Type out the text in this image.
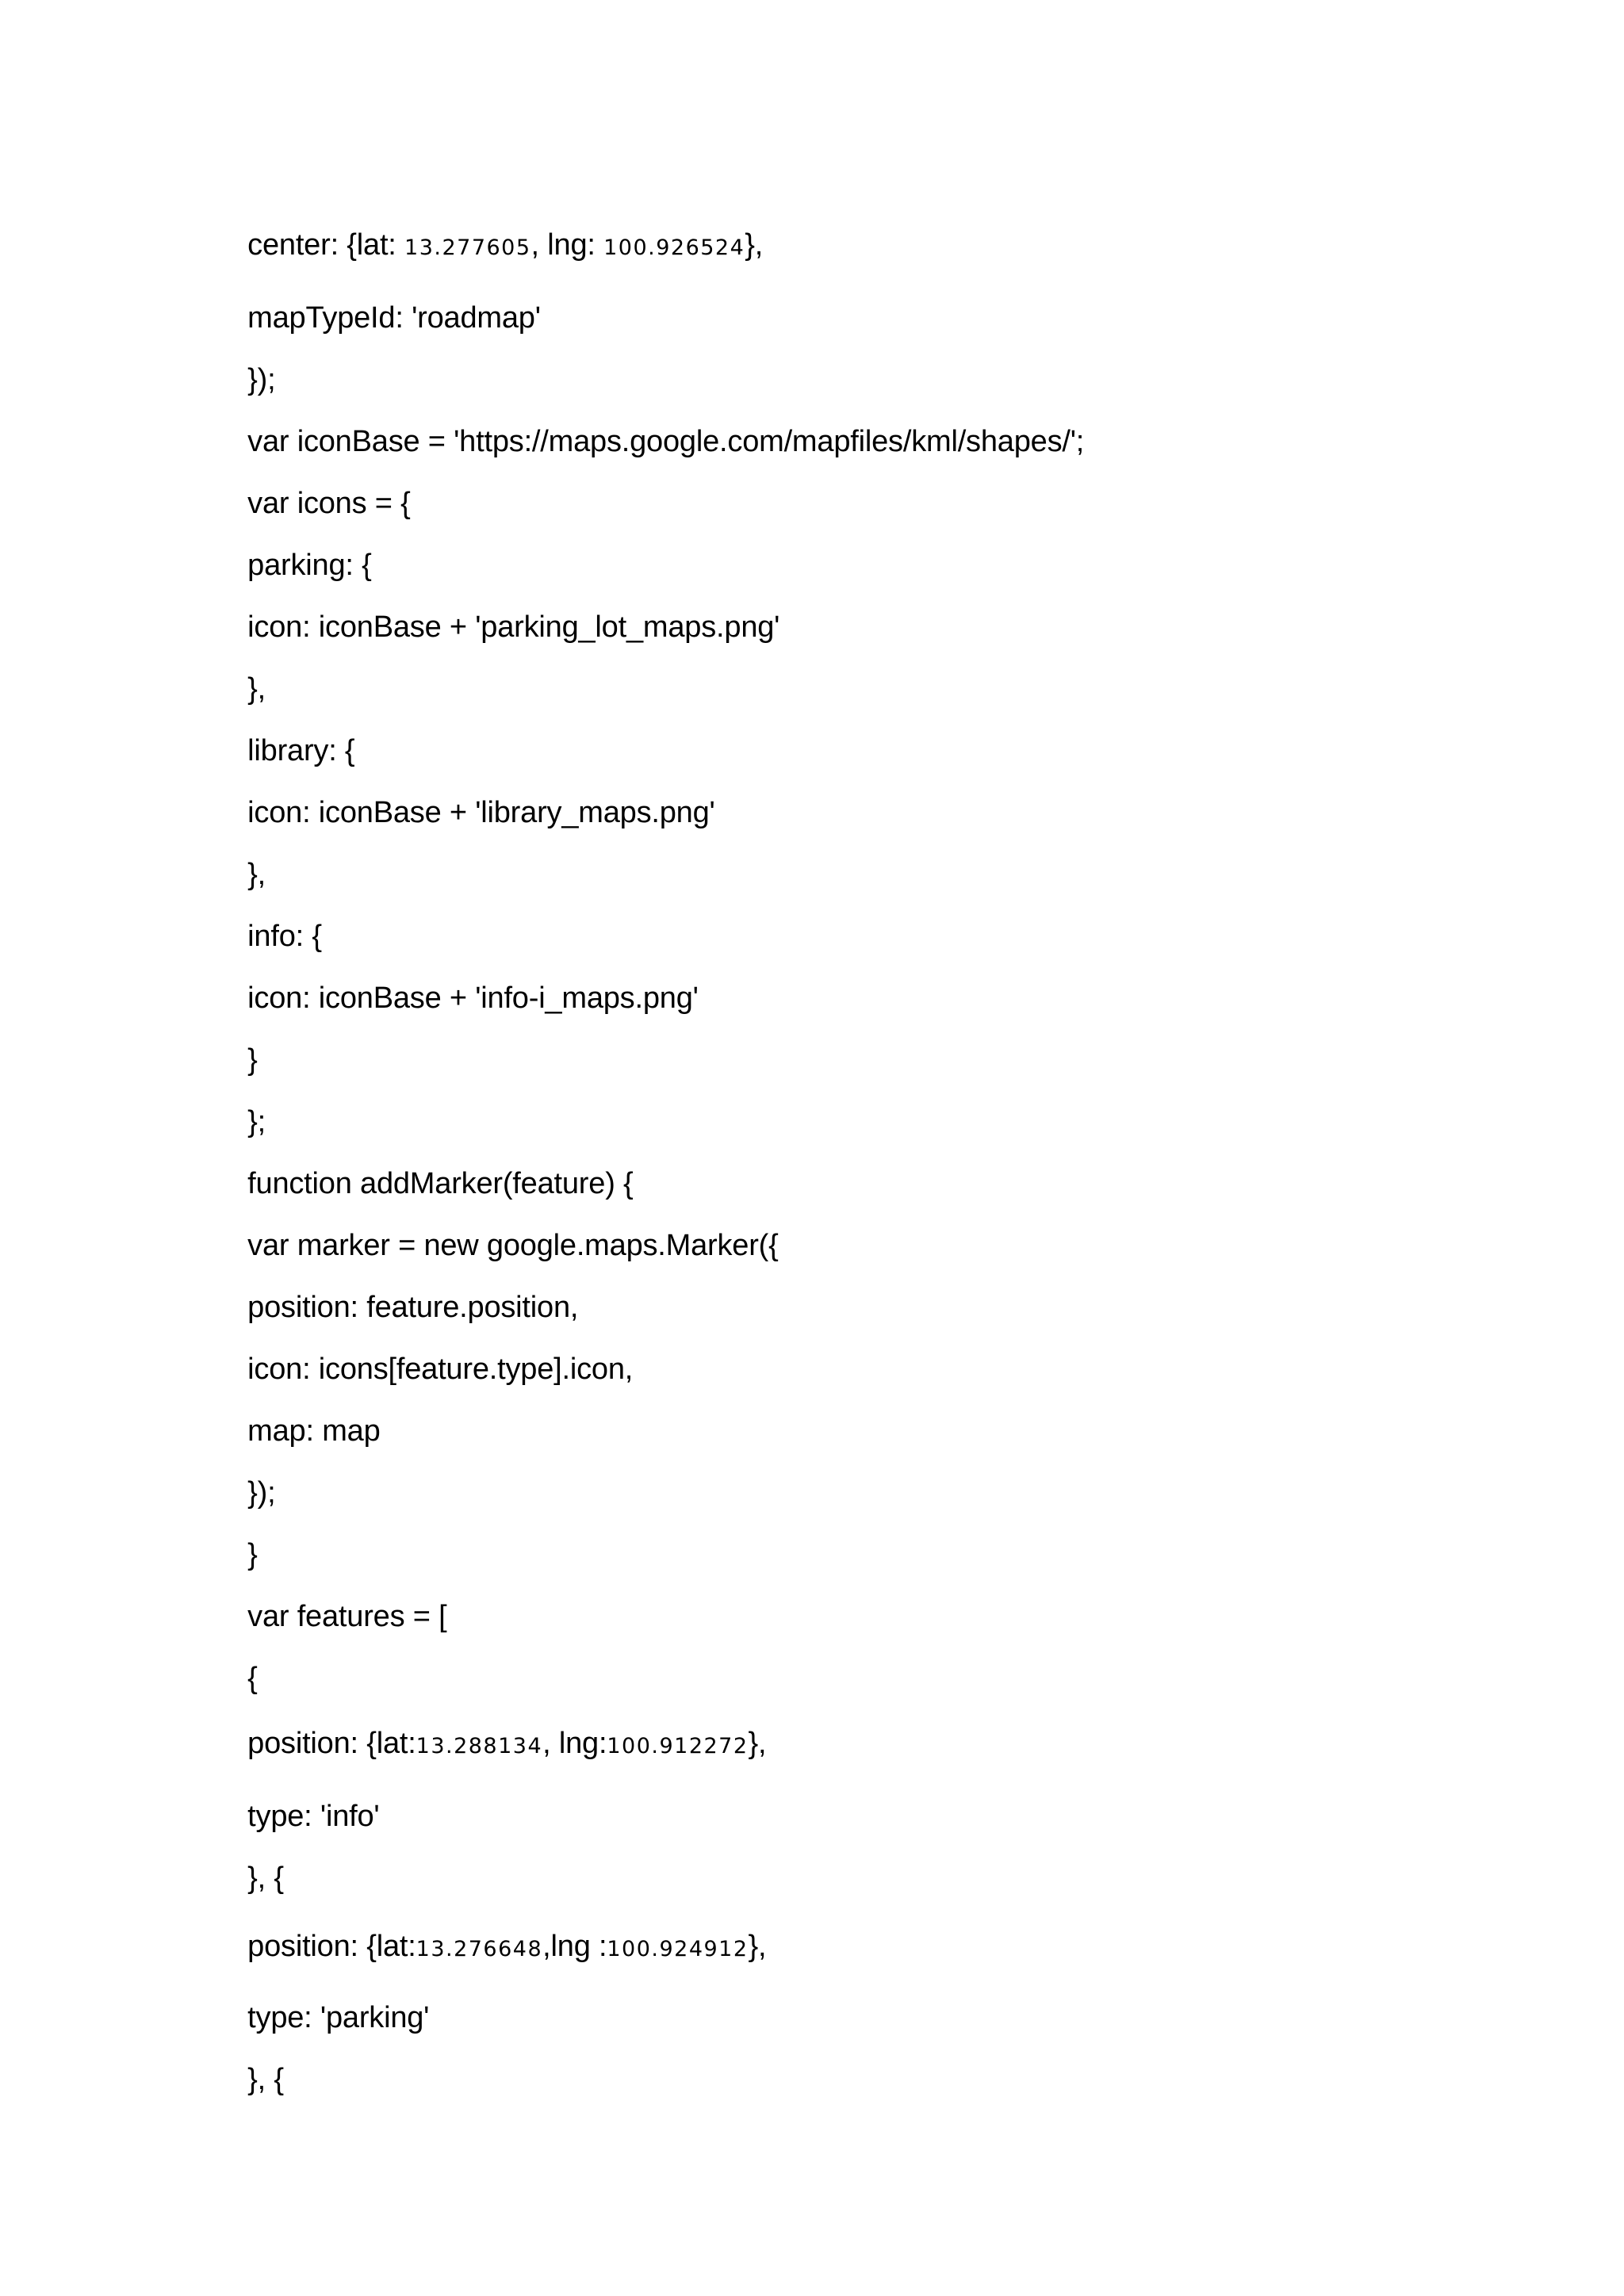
center: {lat: 13.277605, lng: 100.926524},

mapTypeId: 'roadmap'

});

var iconBase = 'https://maps.google.com/mapfiles/kml/shapes/';

var icons = {

parking: {

icon: iconBase + 'parking_lot_maps.png'

},

library: {

icon: iconBase + 'library_maps.png'

},

info: {

icon: iconBase + 'info-i_maps.png'

}

};

function addMarker(feature) {

var marker = new google.maps.Marker({

position: feature.position,

icon: icons[feature.type].icon,

map: map

});

}

var features = [

{

position: {lat:13.288134, lng:100.912272},

type: 'info'

}, {

position: {lat:13.276648,lng :100.924912},

type: 'parking'

}, {
